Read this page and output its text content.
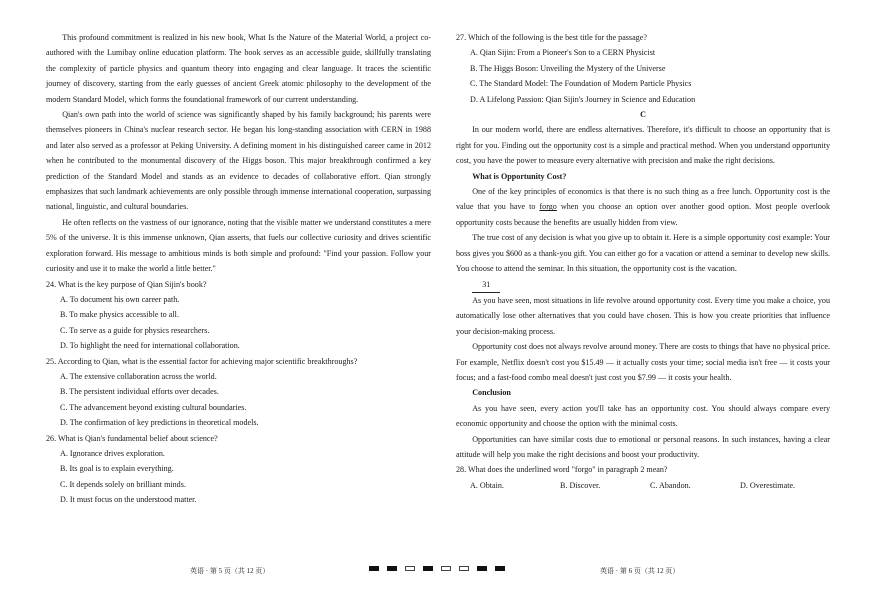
This profound commitment is realized in his new book, What Is the Nature of the Material World, a project co-authored with the Lumibay online education platform. The book serves as an accessible guide, skillfully translating the complexity of particle physics and quantum theory into engaging and clear language. It traces the scientific journey of discovery, starting from the early guesses of ancient Greek atomic philosophy to the development of the modern Standard Model, which forms the foundational framework of our current understanding.

Qian's own path into the world of science was significantly shaped by his family background; his parents were themselves pioneers in China's nuclear research sector. He began his long-standing association with CERN in 1988 and later also served as a professor at Peking University. A defining moment in his distinguished career came in 2012 when he contributed to the monumental discovery of the Higgs boson. This major breakthrough confirmed a key prediction of the Standard Model and stands as an evidence to decades of collaborative effort. Qian strongly emphasizes that such landmark achievements are only possible through immense international cooperation, surpassing national, linguistic, and cultural boundaries.

He often reflects on the vastness of our ignorance, noting that the visible matter we understand constitutes a mere 5% of the universe. It is this immense unknown, Qian asserts, that fuels our collective curiosity and drives scientific exploration forward. His message to ambitious minds is both simple and profound: "Find your passion. Follow your curiosity and use it to make the world a little better."

24. What is the key purpose of Qian Sijin's book?
A. To document his own career path.
B. To make physics accessible to all.
C. To serve as a guide for physics researchers.
D. To highlight the need for international collaboration.
25. According to Qian, what is the essential factor for achieving major scientific breakthroughs?
A. The extensive collaboration across the world.
B. The persistent individual efforts over decades.
C. The advancement beyond existing cultural boundaries.
D. The confirmation of key predictions in theoretical models.
26. What is Qian's fundamental belief about science?
A. Ignorance drives exploration.
B. Its goal is to explain everything.
C. It depends solely on brilliant minds.
D. It must focus on the understood matter.
27. Which of the following is the best title for the passage?
A. Qian Sijin: From a Pioneer's Son to a CERN Physicist
B. The Higgs Boson: Unveiling the Mystery of the Universe
C. The Standard Model: The Foundation of Modern Particle Physics
D. A Lifelong Passion: Qian Sijin's Journey in Science and Education
C

In our modern world, there are endless alternatives. Therefore, it's difficult to choose an opportunity that is right for you. Finding out the opportunity cost is a simple and practical method. When you understand opportunity cost, you have the power to measure every alternative with precision and make the right decisions.

What is Opportunity Cost?

One of the key principles of economics is that there is no such thing as a free lunch. Opportunity cost is the value that you have to forgo when you choose an option over another good option. Most people overlook opportunity costs because the benefits are usually hidden from view.

The true cost of any decision is what you give up to obtain it. Here is a simple opportunity cost example: Your boss gives you $600 as a thank-you gift. You can either go for a vacation or attend a seminar to develop new skills. You choose to attend the seminar. In this situation, the opportunity cost is the vacation.

31

As you have seen, most situations in life revolve around opportunity cost. Every time you make a choice, you automatically lose other alternatives that you could have chosen. This is how you create priorities that influence your decision-making process.

Opportunity cost does not always revolve around money. There are costs to things that have no physical price. For example, Netflix doesn't cost you $15.49 — it actually costs your time; social media isn't free — it costs your focus; and a fast-food combo meal doesn't just cost you $7.99 — it costs your health.

Conclusion

As you have seen, every action you'll take has an opportunity cost. You should always compare every economic opportunity and choose the option with the minimal costs.

Opportunities can have similar costs due to emotional or personal reasons. In such instances, having a clear attitude will help you make the right decisions and boost your productivity.

28. What does the underlined word "forgo" in paragraph 2 mean?
A. Obtain.	B. Discover.	C. Abandon.	D. Overestimate.
英语 · 第 5 页（共 12 页）	英语 · 第 6 页（共 12 页）
